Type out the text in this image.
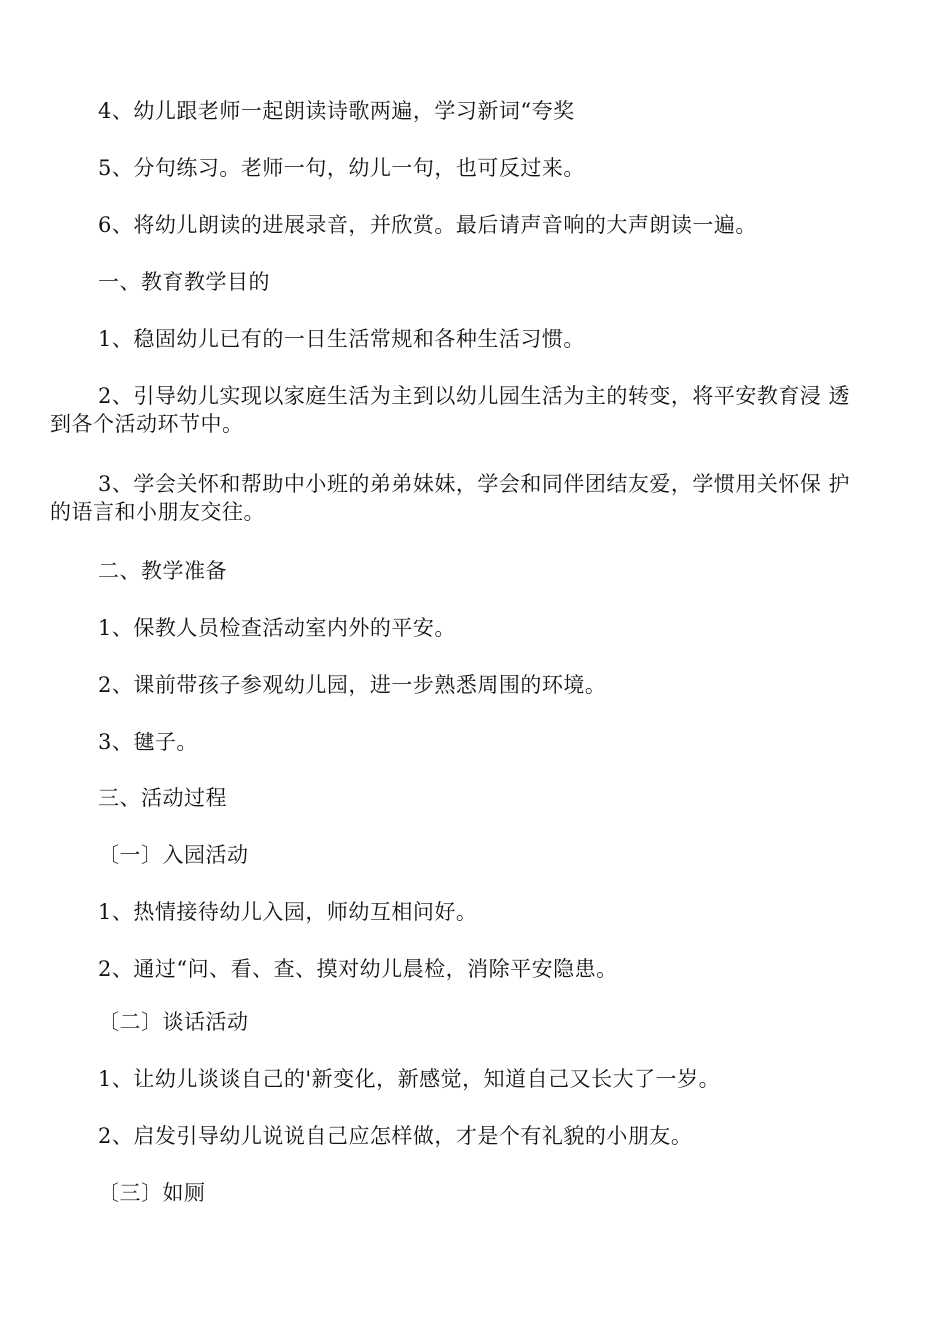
4、幼儿跟老师一起朗读诗歌两遍，学习新词“夸奖
5、分句练习。老师一句，幼儿一句，也可反过来。
6、将幼儿朗读的进展录音，并欣赏。最后请声音响的大声朗读一遍。
一、教育教学目的
1、稳固幼儿已有的一日生活常规和各种生活习惯。
2、引导幼儿实现以家庭生活为主到以幼儿园生活为主的转变，将平安教育浸 透
到各个活动环节中。
3、学会关怀和帮助中小班的弟弟妹妹，学会和同伴团结友爱，学惯用关怀保 护
的语言和小朋友交往。
二、教学准备
1、保教人员检查活动室内外的平安。
2、课前带孩子参观幼儿园，进一步熟悉周围的环境。
3、毽子。
三、活动过程
〔一〕入园活动
1、热情接待幼儿入园，师幼互相问好。
2、通过“问、看、查、摸对幼儿晨检，消除平安隐患。
〔二〕谈话活动
1、让幼儿谈谈自己的'新变化，新感觉，知道自己又长大了一岁。
2、启发引导幼儿说说自己应怎样做，才是个有礼貌的小朋友。
〔三〕如厕
